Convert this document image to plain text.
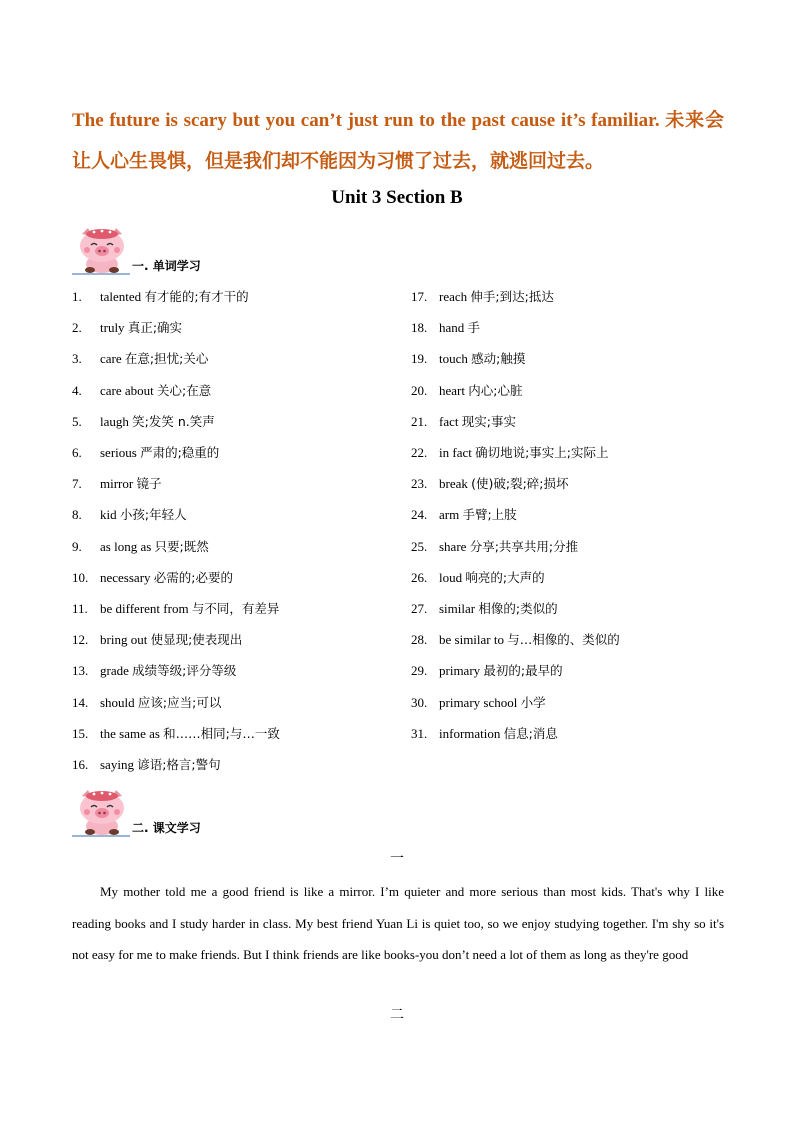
The future is scary but you can’t just run to the past cause it’s familiar. 未来会让人心生畏惧，但是我们却不能因为习惯了过去，就逃回过去。
Unit 3 Section B
一. 单词学习
1.	talented 有才能的;有才干的
2.	truly 真正;确实
3.	care 在意;担忧;关心
4.	care about 关心;在意
5.	laugh 笑;发笑 n.笑声
6.	serious 严肃的;稳重的
7.	mirror 镜子
8.	kid 小孩;年轻人
9.	as long as 只要;既然
10. necessary 必需的;必要的
11. be different from 与不同，有差异
12. bring out 使显现;使表现出
13. grade 成绩等级;评分等级
14. should 应该;应当;可以
15. the same as 和……相同;与…一致
16. saying 谚语;格言;警句
17. reach 伸手;到达;抵达
18. hand 手
19. touch 感动;触摸
20. heart 内心;心脏
21. fact 现实;事实
22. in fact 确切地说;事实上;实际上
23. break (使)破;裂;碎;损坏
24. arm 手臂;上肢
25. share 分享;共享共用;分推
26. loud 响亮的;大声的
27. similar 相像的;类似的
28. be similar to 与…相像的、类似的
29. primary 最初的;最早的
30. primary school 小学
31. information 信息;消息
二. 课文学习
一
My mother told me a good friend is like a mirror. I’m quieter and more serious than most kids. That's why I like reading books and I study harder in class. My best friend Yuan Li is quiet too, so we enjoy studying together. I'm shy so it's not easy for me to make friends. But I think friends are like books-you don’t need a lot of them as long as they're good
二
